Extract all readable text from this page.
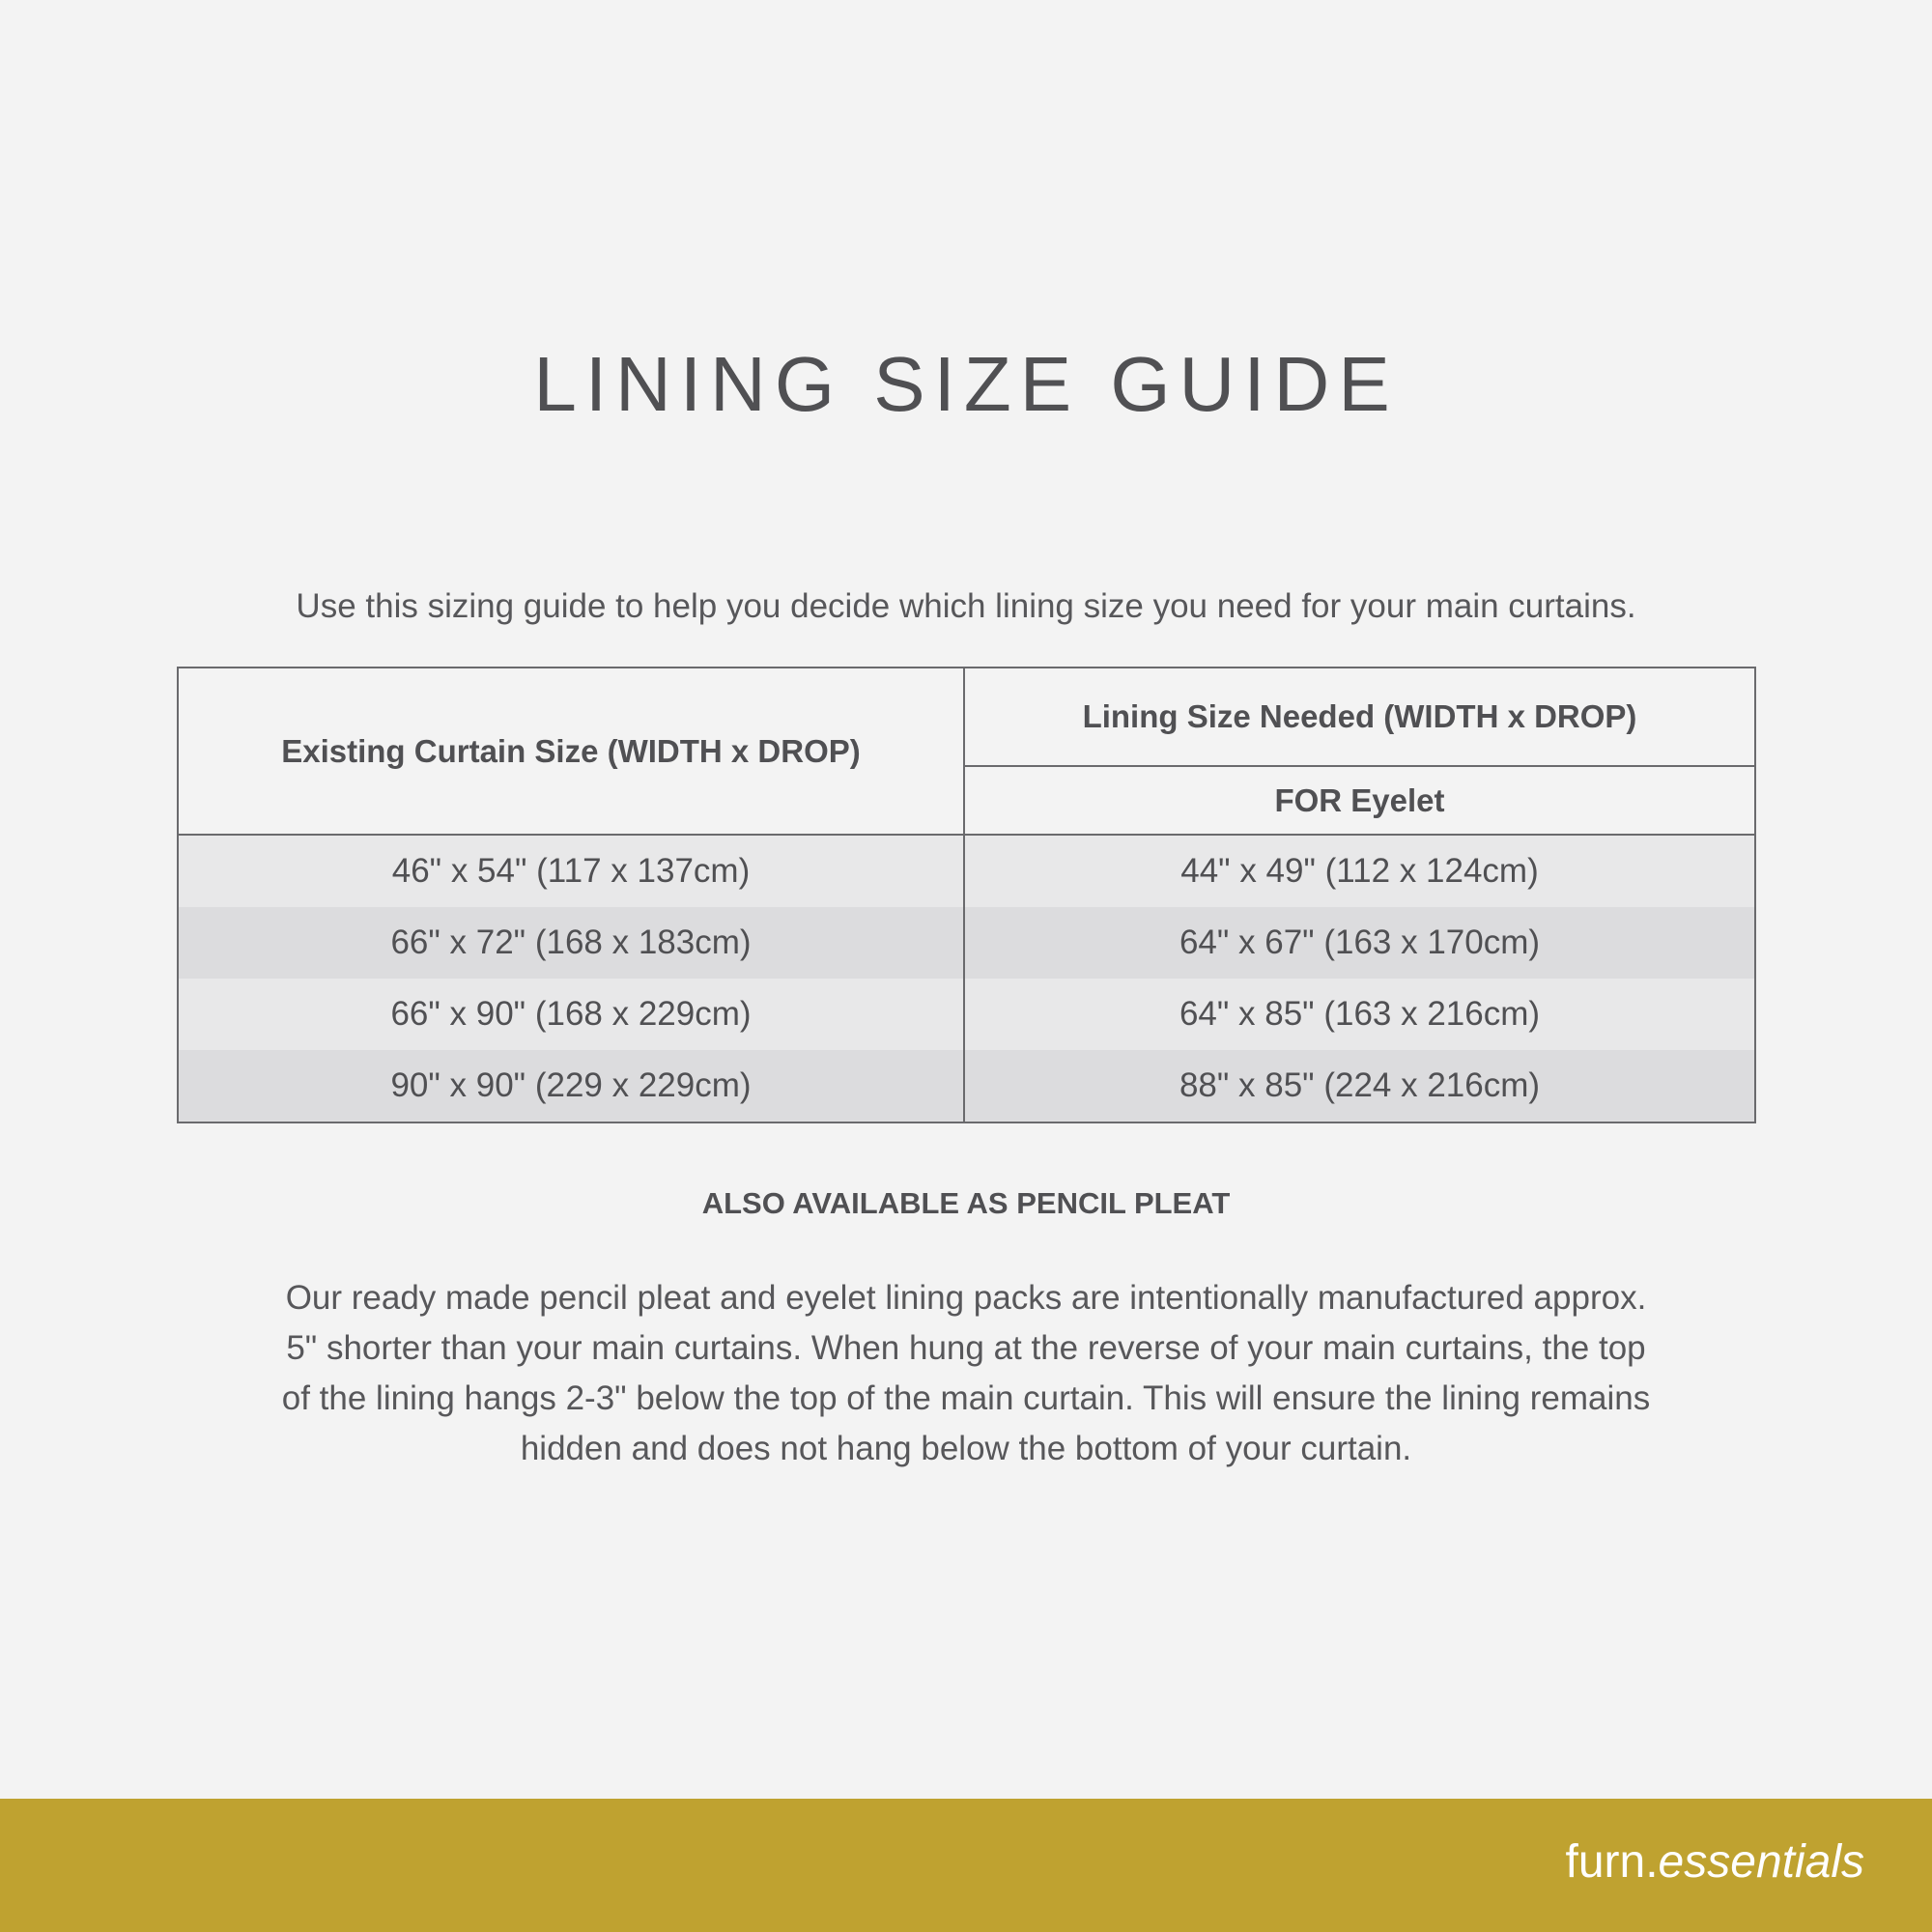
LINING SIZE GUIDE

Use this sizing guide to help you decide which lining size you need for your main curtains.

Existing Curtain Size (WIDTH x DROP)	Lining Size Needed (WIDTH x DROP)
	FOR Eyelet
46" x 54" (117 x 137cm)	44" x 49" (112 x 124cm)
66" x 72" (168 x 183cm)	64" x 67" (163 x 170cm)
66" x 90" (168 x 229cm)	64" x 85" (163 x 216cm)
90" x 90" (229 x 229cm)	88" x 85" (224 x 216cm)

ALSO AVAILABLE AS PENCIL PLEAT

Our ready made pencil pleat and eyelet lining packs are intentionally manufactured approx.
5" shorter than your main curtains. When hung at the reverse of your main curtains, the top
of the lining hangs 2-3" below the top of the main curtain. This will ensure the lining remains
hidden and does not hang below the bottom of your curtain.

furn.essentials
